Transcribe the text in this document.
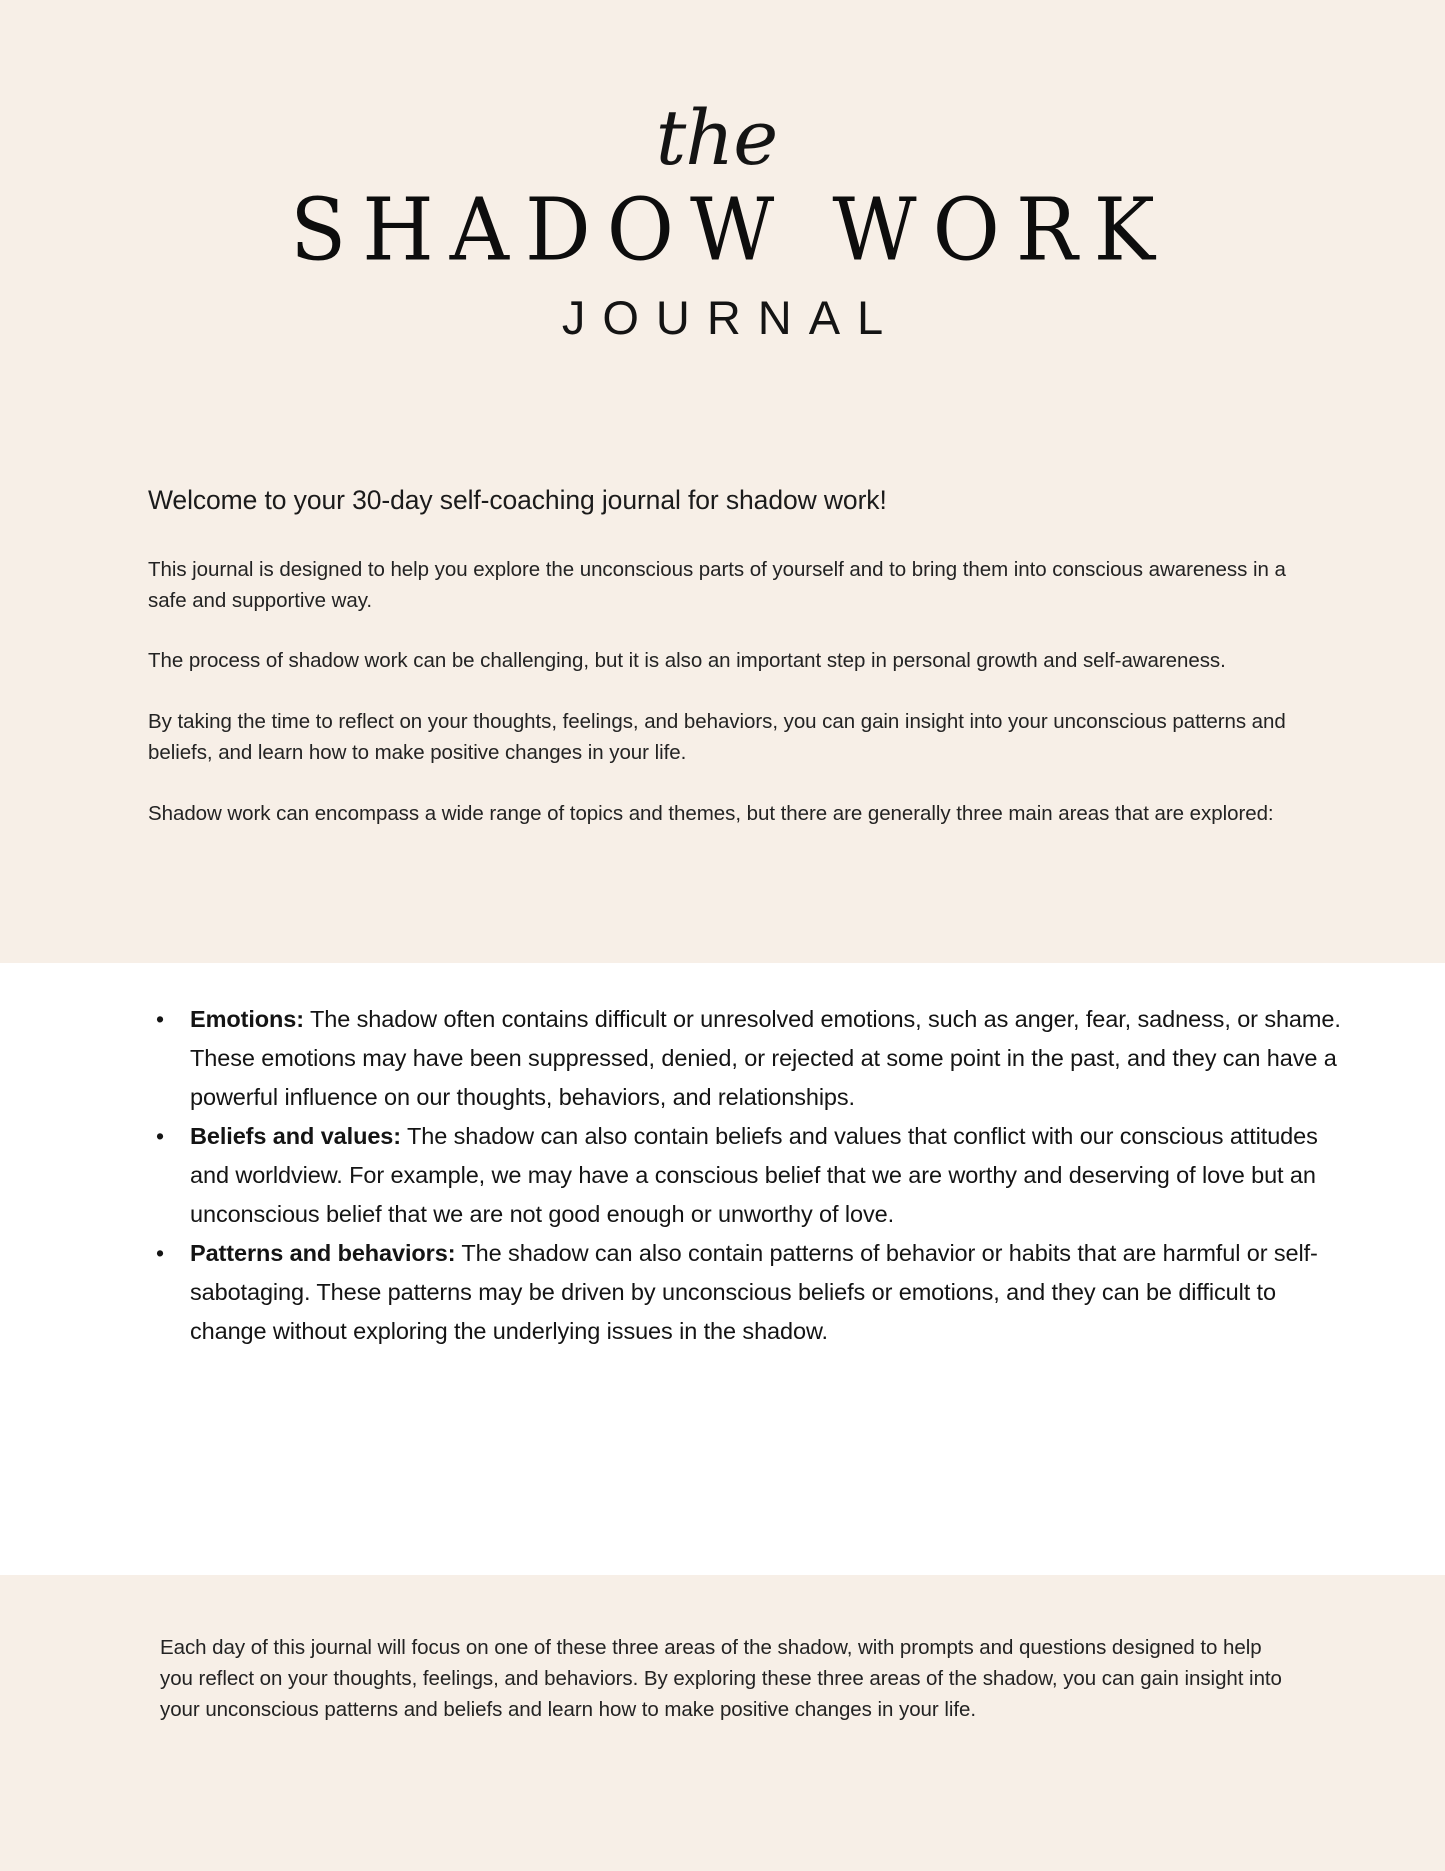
the
SHADOW WORK
JOURNAL
Welcome to your 30-day self-coaching journal for shadow work!

This journal is designed to help you explore the unconscious parts of yourself and to bring them into conscious awareness in a safe and supportive way.

The process of shadow work can be challenging, but it is also an important step in personal growth and self-awareness.

By taking the time to reflect on your thoughts, feelings, and behaviors, you can gain insight into your unconscious patterns and beliefs, and learn how to make positive changes in your life.

Shadow work can encompass a wide range of topics and themes, but there are generally three main areas that are explored:

• Emotions: The shadow often contains difficult or unresolved emotions, such as anger, fear, sadness, or shame. These emotions may have been suppressed, denied, or rejected at some point in the past, and they can have a powerful influence on our thoughts, behaviors, and relationships.
• Beliefs and values: The shadow can also contain beliefs and values that conflict with our conscious attitudes and worldview. For example, we may have a conscious belief that we are worthy and deserving of love but an unconscious belief that we are not good enough or unworthy of love.
• Patterns and behaviors: The shadow can also contain patterns of behavior or habits that are harmful or self-sabotaging. These patterns may be driven by unconscious beliefs or emotions, and they can be difficult to change without exploring the underlying issues in the shadow.

Each day of this journal will focus on one of these three areas of the shadow, with prompts and questions designed to help you reflect on your thoughts, feelings, and behaviors. By exploring these three areas of the shadow, you can gain insight into your unconscious patterns and beliefs and learn how to make positive changes in your life.
